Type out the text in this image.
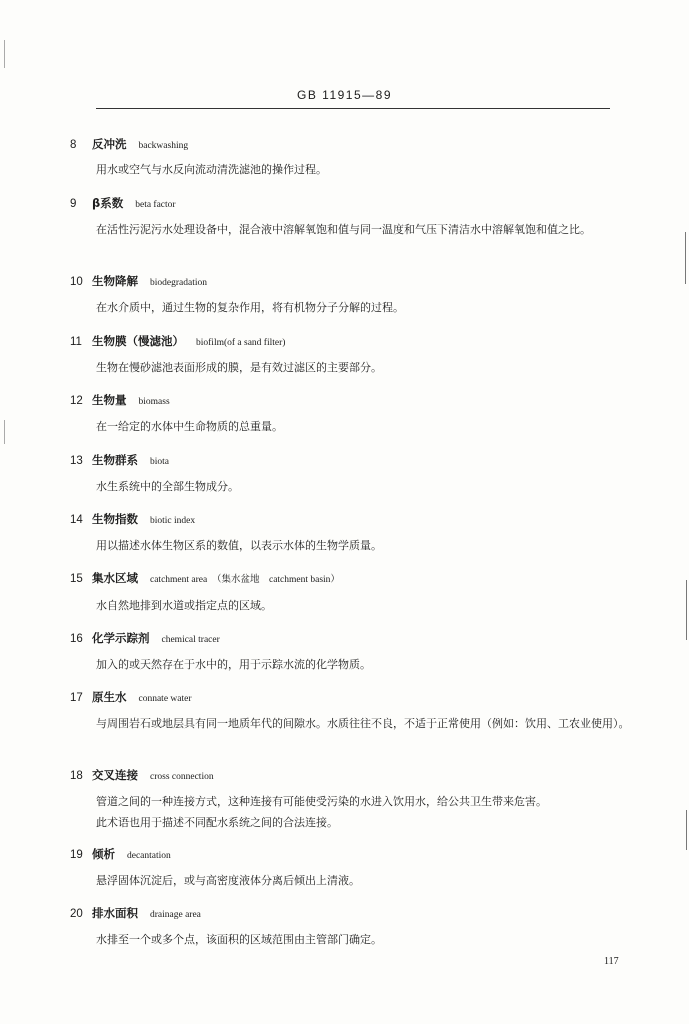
GB 11915—89
8 反冲洗 backwashing
用水或空气与水反向流动清洗滤池的操作过程。
9 β系数 beta factor
在活性污泥污水处理设备中，混合液中溶解氧饱和值与同一温度和气压下清洁水中溶解氧饱和值之比。
10 生物降解 biodegradation
在水介质中，通过生物的复杂作用，将有机物分子分解的过程。
11 生物膜（慢滤池） biofilm(of a sand filter)
生物在慢砂滤池表面形成的膜，是有效过滤区的主要部分。
12 生物量 biomass
在一给定的水体中生命物质的总重量。
13 生物群系 biota
水生系统中的全部生物成分。
14 生物指数 biotic index
用以描述水体生物区系的数值，以表示水体的生物学质量。
15 集水区域 catchment area　（集水盆地　catchment basin）
水自然地排到水道或指定点的区域。
16 化学示踪剂 chemical tracer
加入的或天然存在于水中的，用于示踪水流的化学物质。
17 原生水 connate water
与周围岩石或地层具有同一地质年代的间隙水。水质往往不良，不适于正常使用（例如：饮用、工农业使用）。
18 交叉连接 cross connection
管道之间的一种连接方式，这种连接有可能使受污染的水进入饮用水，给公共卫生带来危害。
此术语也用于描述不同配水系统之间的合法连接。
19 倾析 decantation
悬浮固体沉淀后，或与高密度液体分离后倾出上清液。
20 排水面积 drainage area
水排至一个或多个点，该面积的区域范围由主管部门确定。
117
